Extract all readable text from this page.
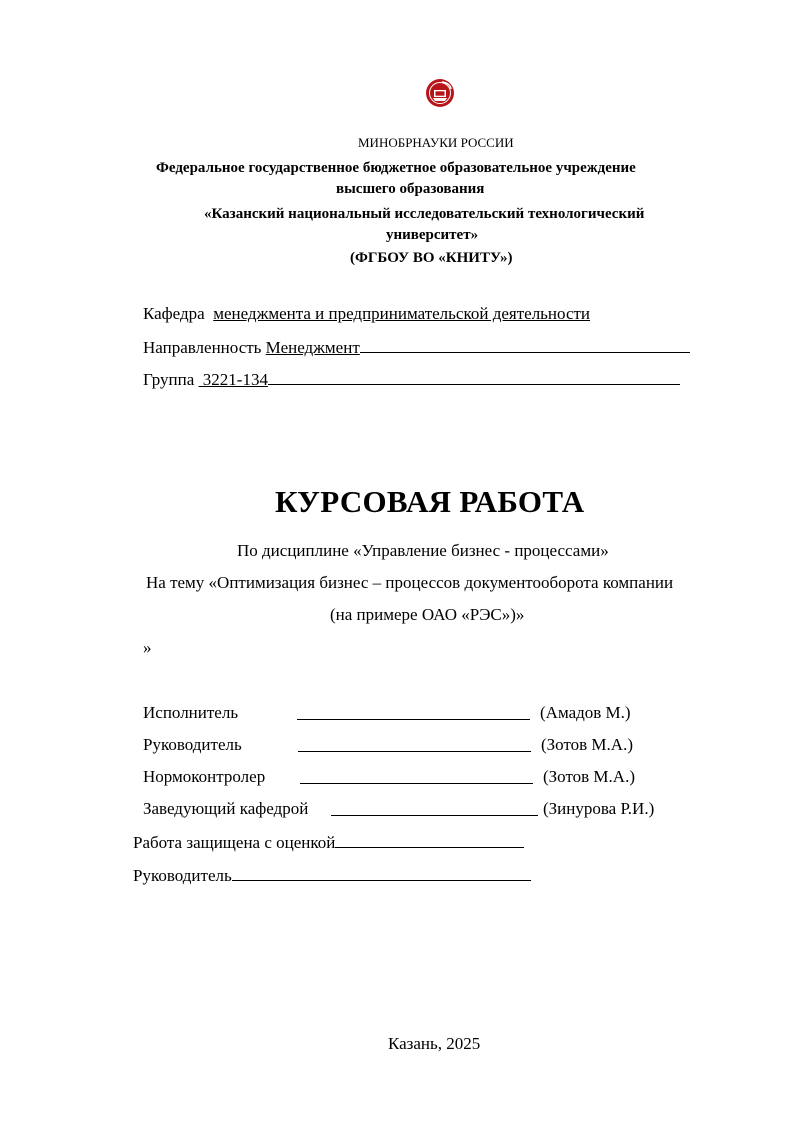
МИНОБРНАУКИ РОССИИ
Федеральное государственное бюджетное образовательное учреждение
высшего образования
«Казанский национальный исследовательский технологический
университет»
(ФГБОУ ВО «КНИТУ»)
Кафедра менеджмента и предпринимательской деятельности
Направленность Менеджмент
Группа 3221-134
КУРСОВАЯ РАБОТА
По дисциплине «Управление бизнес - процессами»
На тему «Оптимизация бизнес – процессов документооборота компании
(на примере ОАО «РЭС»)»
»
Исполнитель	(Амадов М.)
Руководитель	(Зотов М.А.)
Нормоконтролер	(Зотов М.А.)
Заведующий кафедрой	(Зинурова Р.И.)
Работа защищена с оценкой
Руководитель
Казань, 2025
